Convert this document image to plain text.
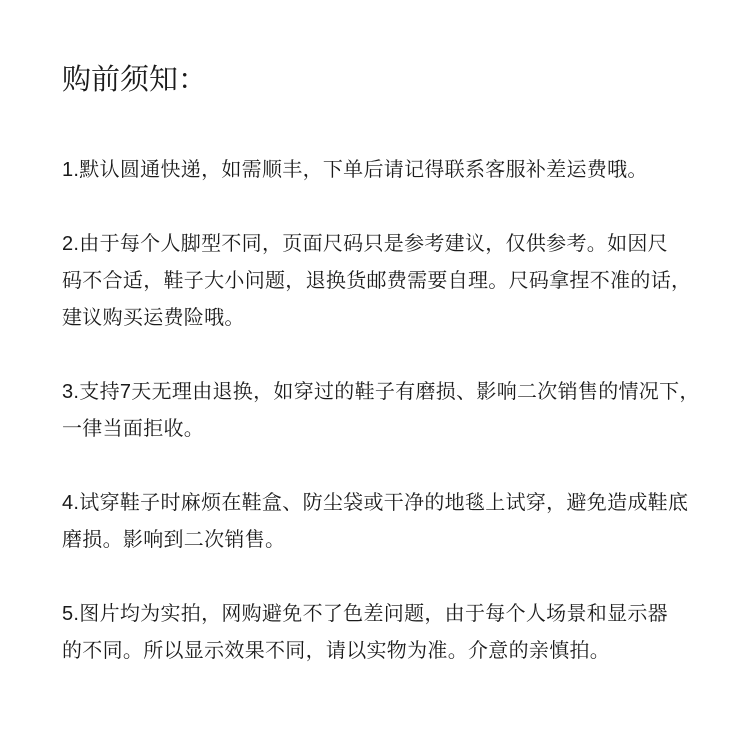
购前须知：
1.默认圆通快递，如需顺丰，下单后请记得联系客服补差运费哦。
2.由于每个人脚型不同，页面尺码只是参考建议，仅供参考。如因尺
码不合适，鞋子大小问题，退换货邮费需要自理。尺码拿捏不准的话，
建议购买运费险哦。
3.支持7天无理由退换，如穿过的鞋子有磨损、影响二次销售的情况下，
一律当面拒收。
4.试穿鞋子时麻烦在鞋盒、防尘袋或干净的地毯上试穿，避免造成鞋底
磨损。影响到二次销售。
5.图片均为实拍，网购避免不了色差问题，由于每个人场景和显示器
的不同。所以显示效果不同，请以实物为准。介意的亲慎拍。
